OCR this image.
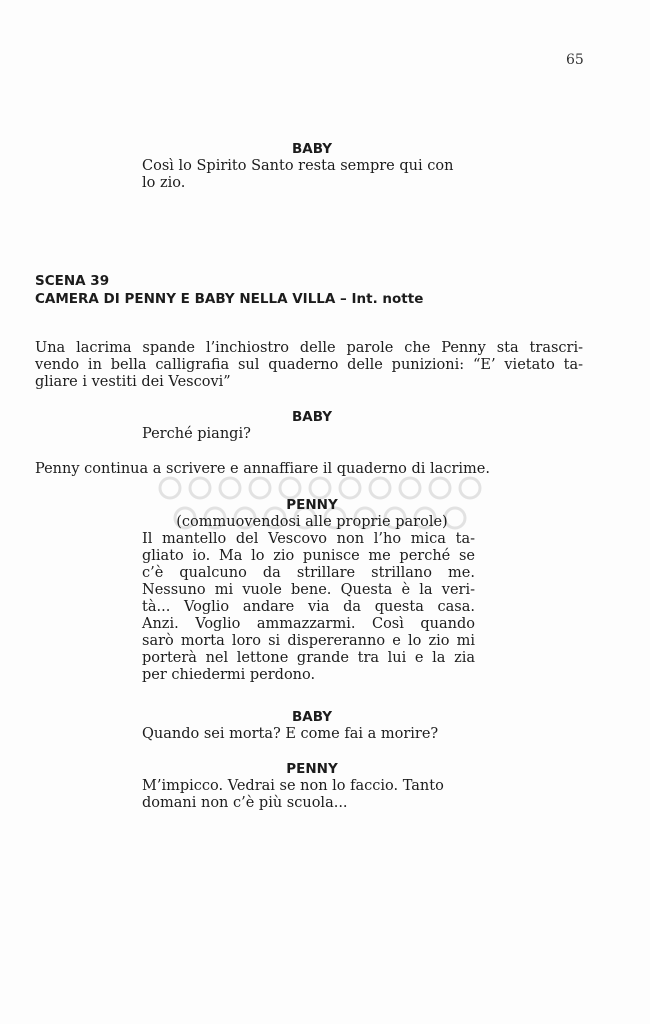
65
BABY
Così lo Spirito Santo resta sempre qui con
lo zio.
SCENA 39
CAMERA DI PENNY E BABY NELLA VILLA – Int. notte
Una lacrima spande l’inchiostro delle parole che Penny sta trascri-
vendo in bella calligrafia sul quaderno delle punizioni: “E’ vietato ta-
gliare i vestiti dei Vescovi”
BABY
Perché piangi?
Penny continua a scrivere e annaffiare il quaderno di lacrime.
PENNY
(commuovendosi alle proprie parole)
Il mantello del Vescovo non l’ho mica ta-
gliato io. Ma lo zio punisce me perché se
c’è qualcuno da strillare strillano me.
Nessuno mi vuole bene. Questa è la veri-
tà... Voglio andare via da questa casa.
Anzi. Voglio ammazzarmi. Così quando
sarò morta loro si dispereranno e lo zio mi
porterà nel lettone grande tra lui e la zia
per chiedermi perdono.
BABY
Quando sei morta? E come fai a morire?
PENNY
M’impicco. Vedrai se non lo faccio. Tanto
domani non c’è più scuola...
